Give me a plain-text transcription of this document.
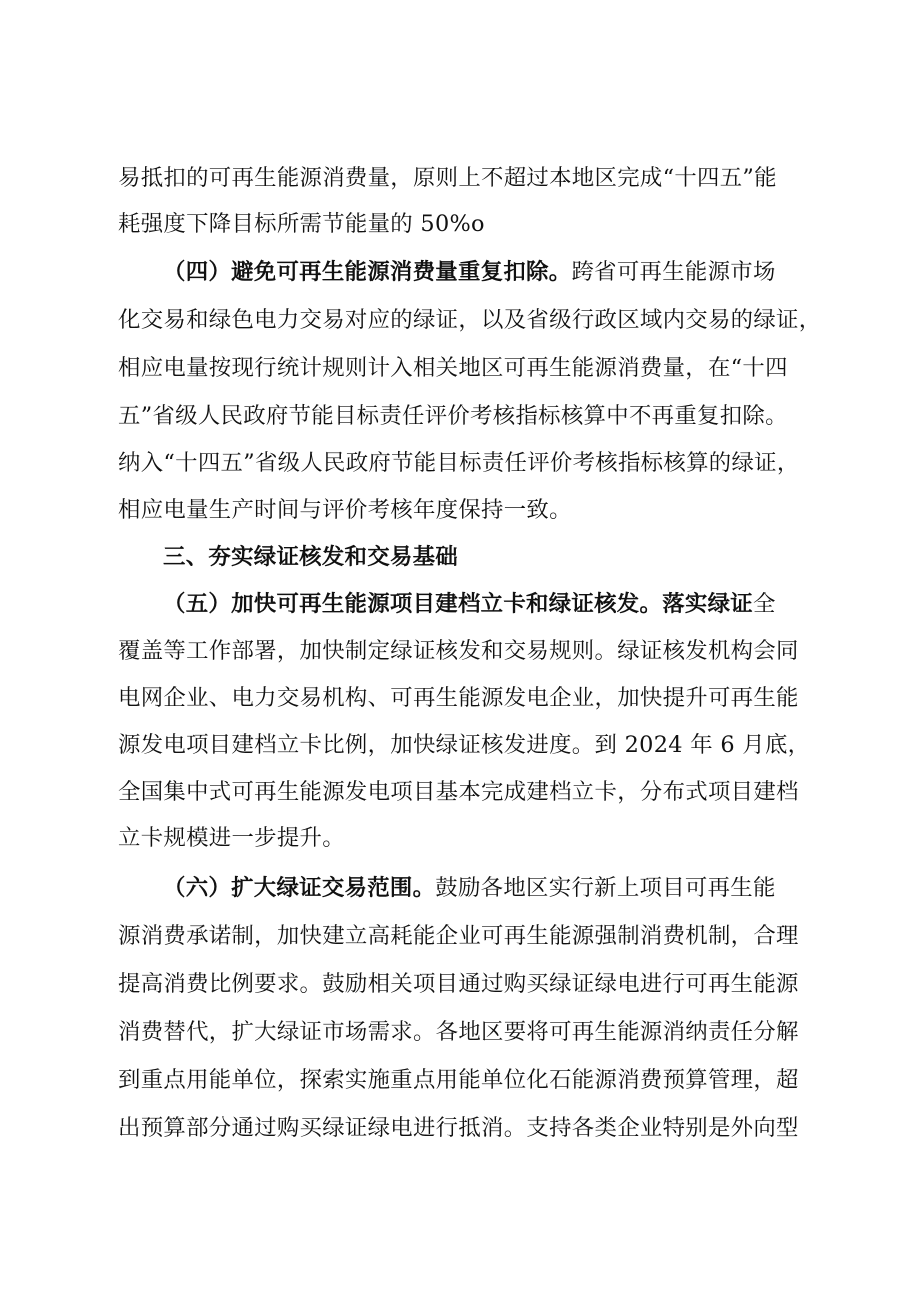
易抵扣的可再生能源消费量，原则上不超过本地区完成“十四五”能
耗强度下降目标所需节能量的 50%o
（四）避免可再生能源消费量重复扣除。跨省可再生能源市场
化交易和绿色电力交易对应的绿证，以及省级行政区域内交易的绿证，
相应电量按现行统计规则计入相关地区可再生能源消费量，在“十四
五”省级人民政府节能目标责任评价考核指标核算中不再重复扣除。
纳入“十四五”省级人民政府节能目标责任评价考核指标核算的绿证，
相应电量生产时间与评价考核年度保持一致。
三、夯实绿证核发和交易基础
（五）加快可再生能源项目建档立卡和绿证核发。落实绿证全
覆盖等工作部署，加快制定绿证核发和交易规则。绿证核发机构会同
电网企业、电力交易机构、可再生能源发电企业，加快提升可再生能
源发电项目建档立卡比例，加快绿证核发进度。到 2024 年 6 月底，
全国集中式可再生能源发电项目基本完成建档立卡，分布式项目建档
立卡规模进一步提升。
（六）扩大绿证交易范围。鼓励各地区实行新上项目可再生能
源消费承诺制，加快建立高耗能企业可再生能源强制消费机制，合理
提高消费比例要求。鼓励相关项目通过购买绿证绿电进行可再生能源
消费替代，扩大绿证市场需求。各地区要将可再生能源消纳责任分解
到重点用能单位，探索实施重点用能单位化石能源消费预算管理，超
出预算部分通过购买绿证绿电进行抵消。支持各类企业特别是外向型
